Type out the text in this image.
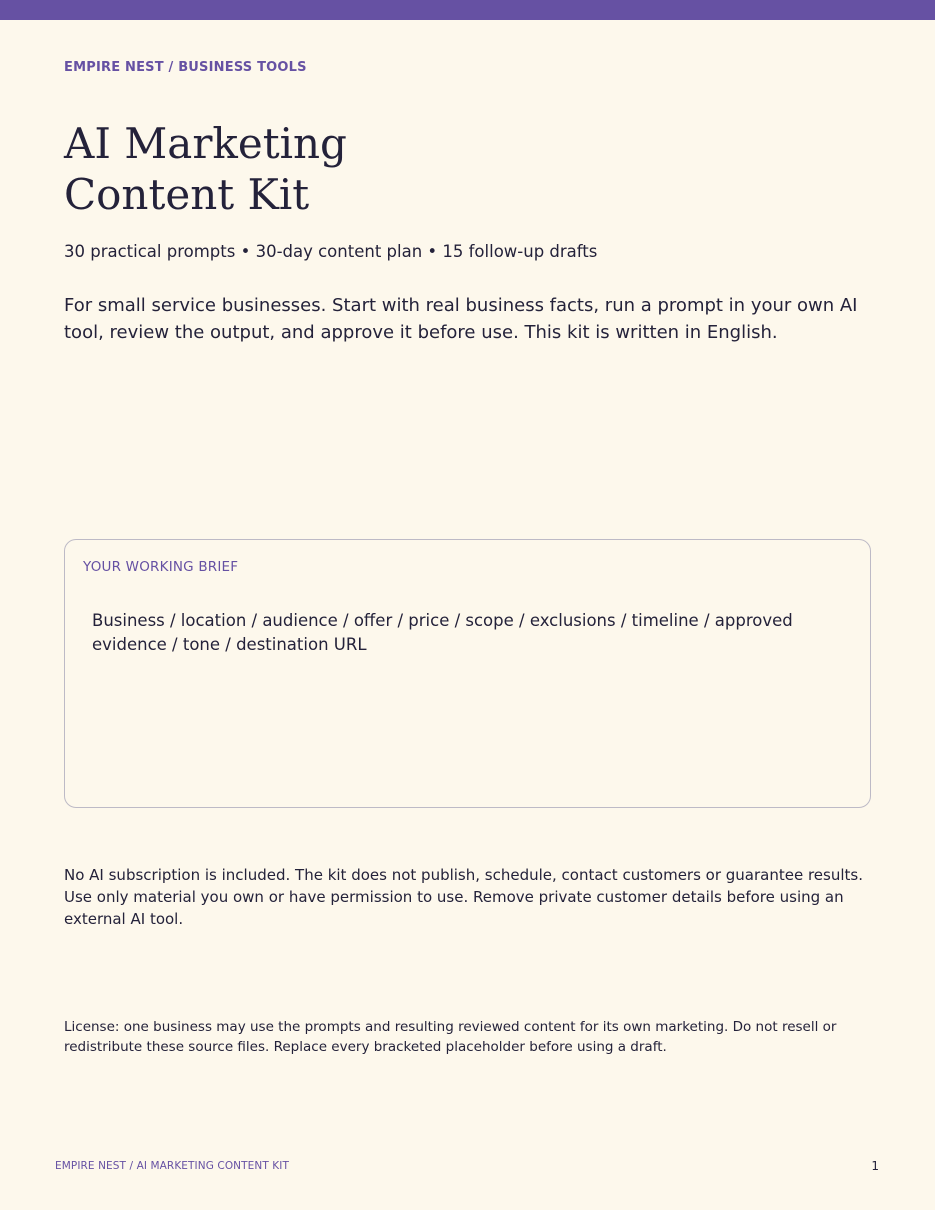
EMPIRE NEST / BUSINESS TOOLS
AI Marketing
Content Kit
30 practical prompts • 30-day content plan • 15 follow-up drafts

For small service businesses. Start with real business facts, run a prompt in your own AI tool, review the output, and approve it before use. This kit is written in English.

YOUR WORKING BRIEF

Business / location / audience / offer / price / scope / exclusions / timeline / approved evidence / tone / destination URL

No AI subscription is included. The kit does not publish, schedule, contact customers or guarantee results. Use only material you own or have permission to use. Remove private customer details before using an external AI tool.

License: one business may use the prompts and resulting reviewed content for its own marketing. Do not resell or redistribute these source files. Replace every bracketed placeholder before using a draft.

EMPIRE NEST / AI MARKETING CONTENT KIT	1
